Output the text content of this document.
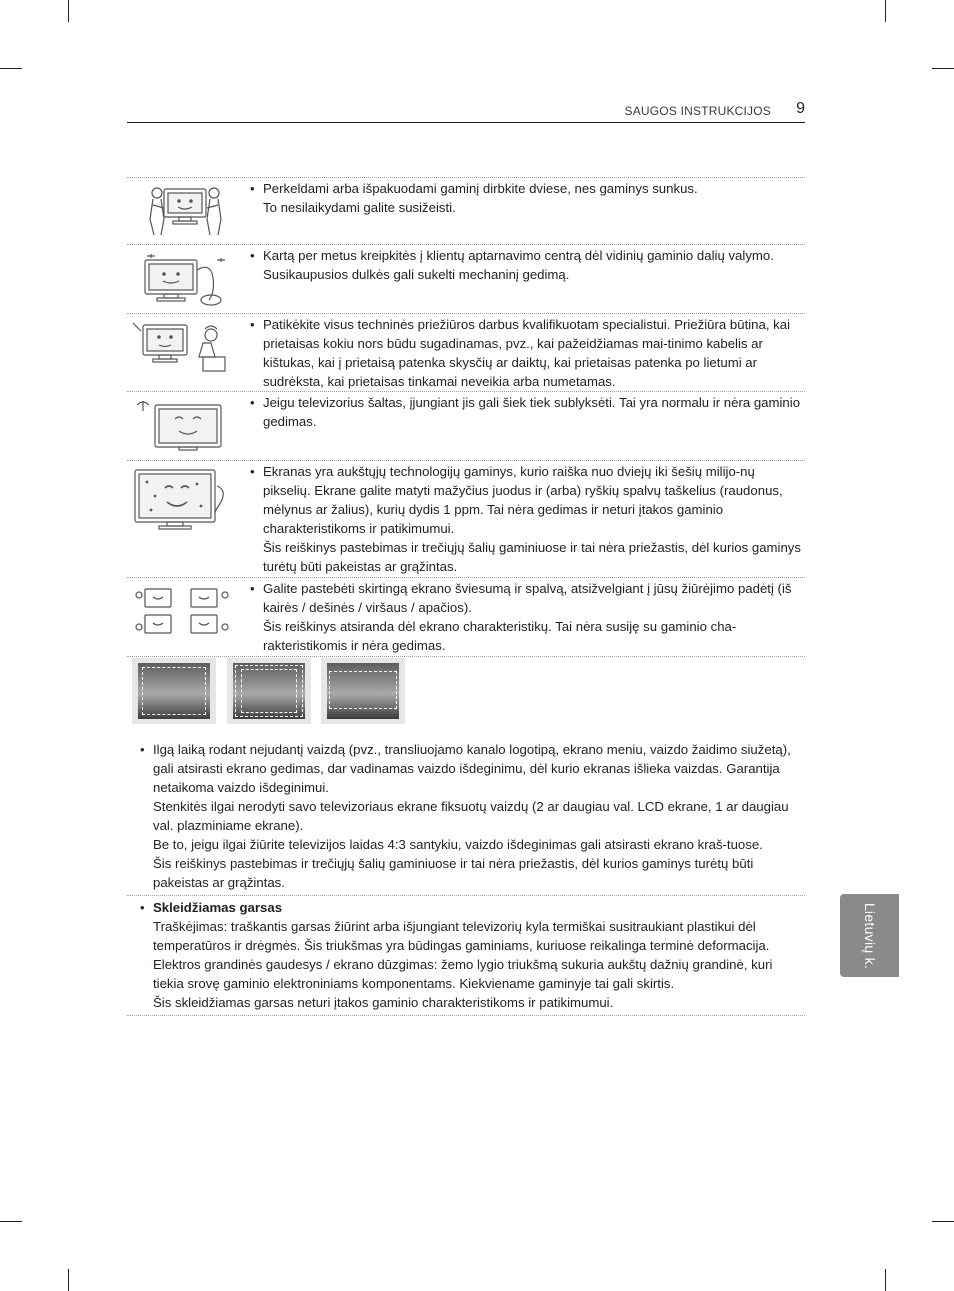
SAUGOS INSTRUKCIJOS 9
• Perkeldami arba išpakuodami gaminį dirbkite dviese, nes gaminys sunkus.
To nesilaikydami galite susižeisti.
• Kartą per metus kreipkitės į klientų aptarnavimo centrą dėl vidinių gaminio dalių valymo.
Susikaupusios dulkės gali sukelti mechaninį gedimą.
• Patikėkite visus techninės priežiūros darbus kvalifikuotam specialistui. Priežiūra būtina, kai prietaisas kokiu nors būdu sugadinamas, pvz., kai pažeidžiamas mai-tinimo kabelis ar kištukas, kai į prietaisą patenka skysčių ar daiktų, kai prietaisas patenka po lietumi ar sudrėksta, kai prietaisas tinkamai neveikia arba numetamas.
• Jeigu televizorius šaltas, įjungiant jis gali šiek tiek sublyksėti. Tai yra normalu ir nėra gaminio gedimas.
• Ekranas yra aukštųjų technologijų gaminys, kurio raiška nuo dviejų iki šešių milijo-nų pikselių. Ekrane galite matyti mažyčius juodus ir (arba) ryškių spalvų taškelius (raudonus, mėlynus ar žalius), kurių dydis 1 ppm. Tai nėra gedimas ir neturi įtakos gaminio charakteristikoms ir patikimumui.
Šis reiškinys pastebimas ir trečiųjų šalių gaminiuose ir tai nėra priežastis, dėl kurios gaminys turėtų būti pakeistas ar grąžintas.
• Galite pastebėti skirtingą ekrano šviesumą ir spalvą, atsižvelgiant į jūsų žiūrėjimo padėtį (iš kairės / dešinės / viršaus / apačios).
Šis reiškinys atsiranda dėl ekrano charakteristikų. Tai nėra susiję su gaminio cha-rakteristikomis ir nėra gedimas.
• Ilgą laiką rodant nejudantį vaizdą (pvz., transliuojamo kanalo logotipą, ekrano meniu, vaizdo žaidimo siužetą), gali atsirasti ekrano gedimas, dar vadinamas vaizdo išdeginimu, dėl kurio ekranas išlieka vaizdas. Garantija netaikoma vaizdo išdeginimui.
Stenkitės ilgai nerodyti savo televizoriaus ekrane fiksuotų vaizdų (2 ar daugiau val. LCD ekrane, 1 ar daugiau val. plazminiame ekrane).
Be to, jeigu ilgai žiūrite televizijos laidas 4:3 santykiu, vaizdo išdeginimas gali atsirasti ekrano kraš-tuose.
Šis reiškinys pastebimas ir trečiųjų šalių gaminiuose ir tai nėra priežastis, dėl kurios gaminys turėtų būti pakeistas ar grąžintas.
• Skleidžiamas garsas
Traškėjimas: traškantis garsas žiūrint arba išjungiant televizorių kyla termiškai susitraukiant plastikui dėl temperatūros ir drėgmės. Šis triukšmas yra būdingas gaminiams, kuriuose reikalinga terminė deformacija. Elektros grandinės gaudesys / ekrano dūzgimas: žemo lygio triukšmą sukuria aukštų dažnių grandinė, kuri tiekia srovę gaminio elektroniniams komponentams. Kiekviename gaminyje tai gali skirtis.
Šis skleidžiamas garsas neturi įtakos gaminio charakteristikoms ir patikimumui.
Lietuvių k.
